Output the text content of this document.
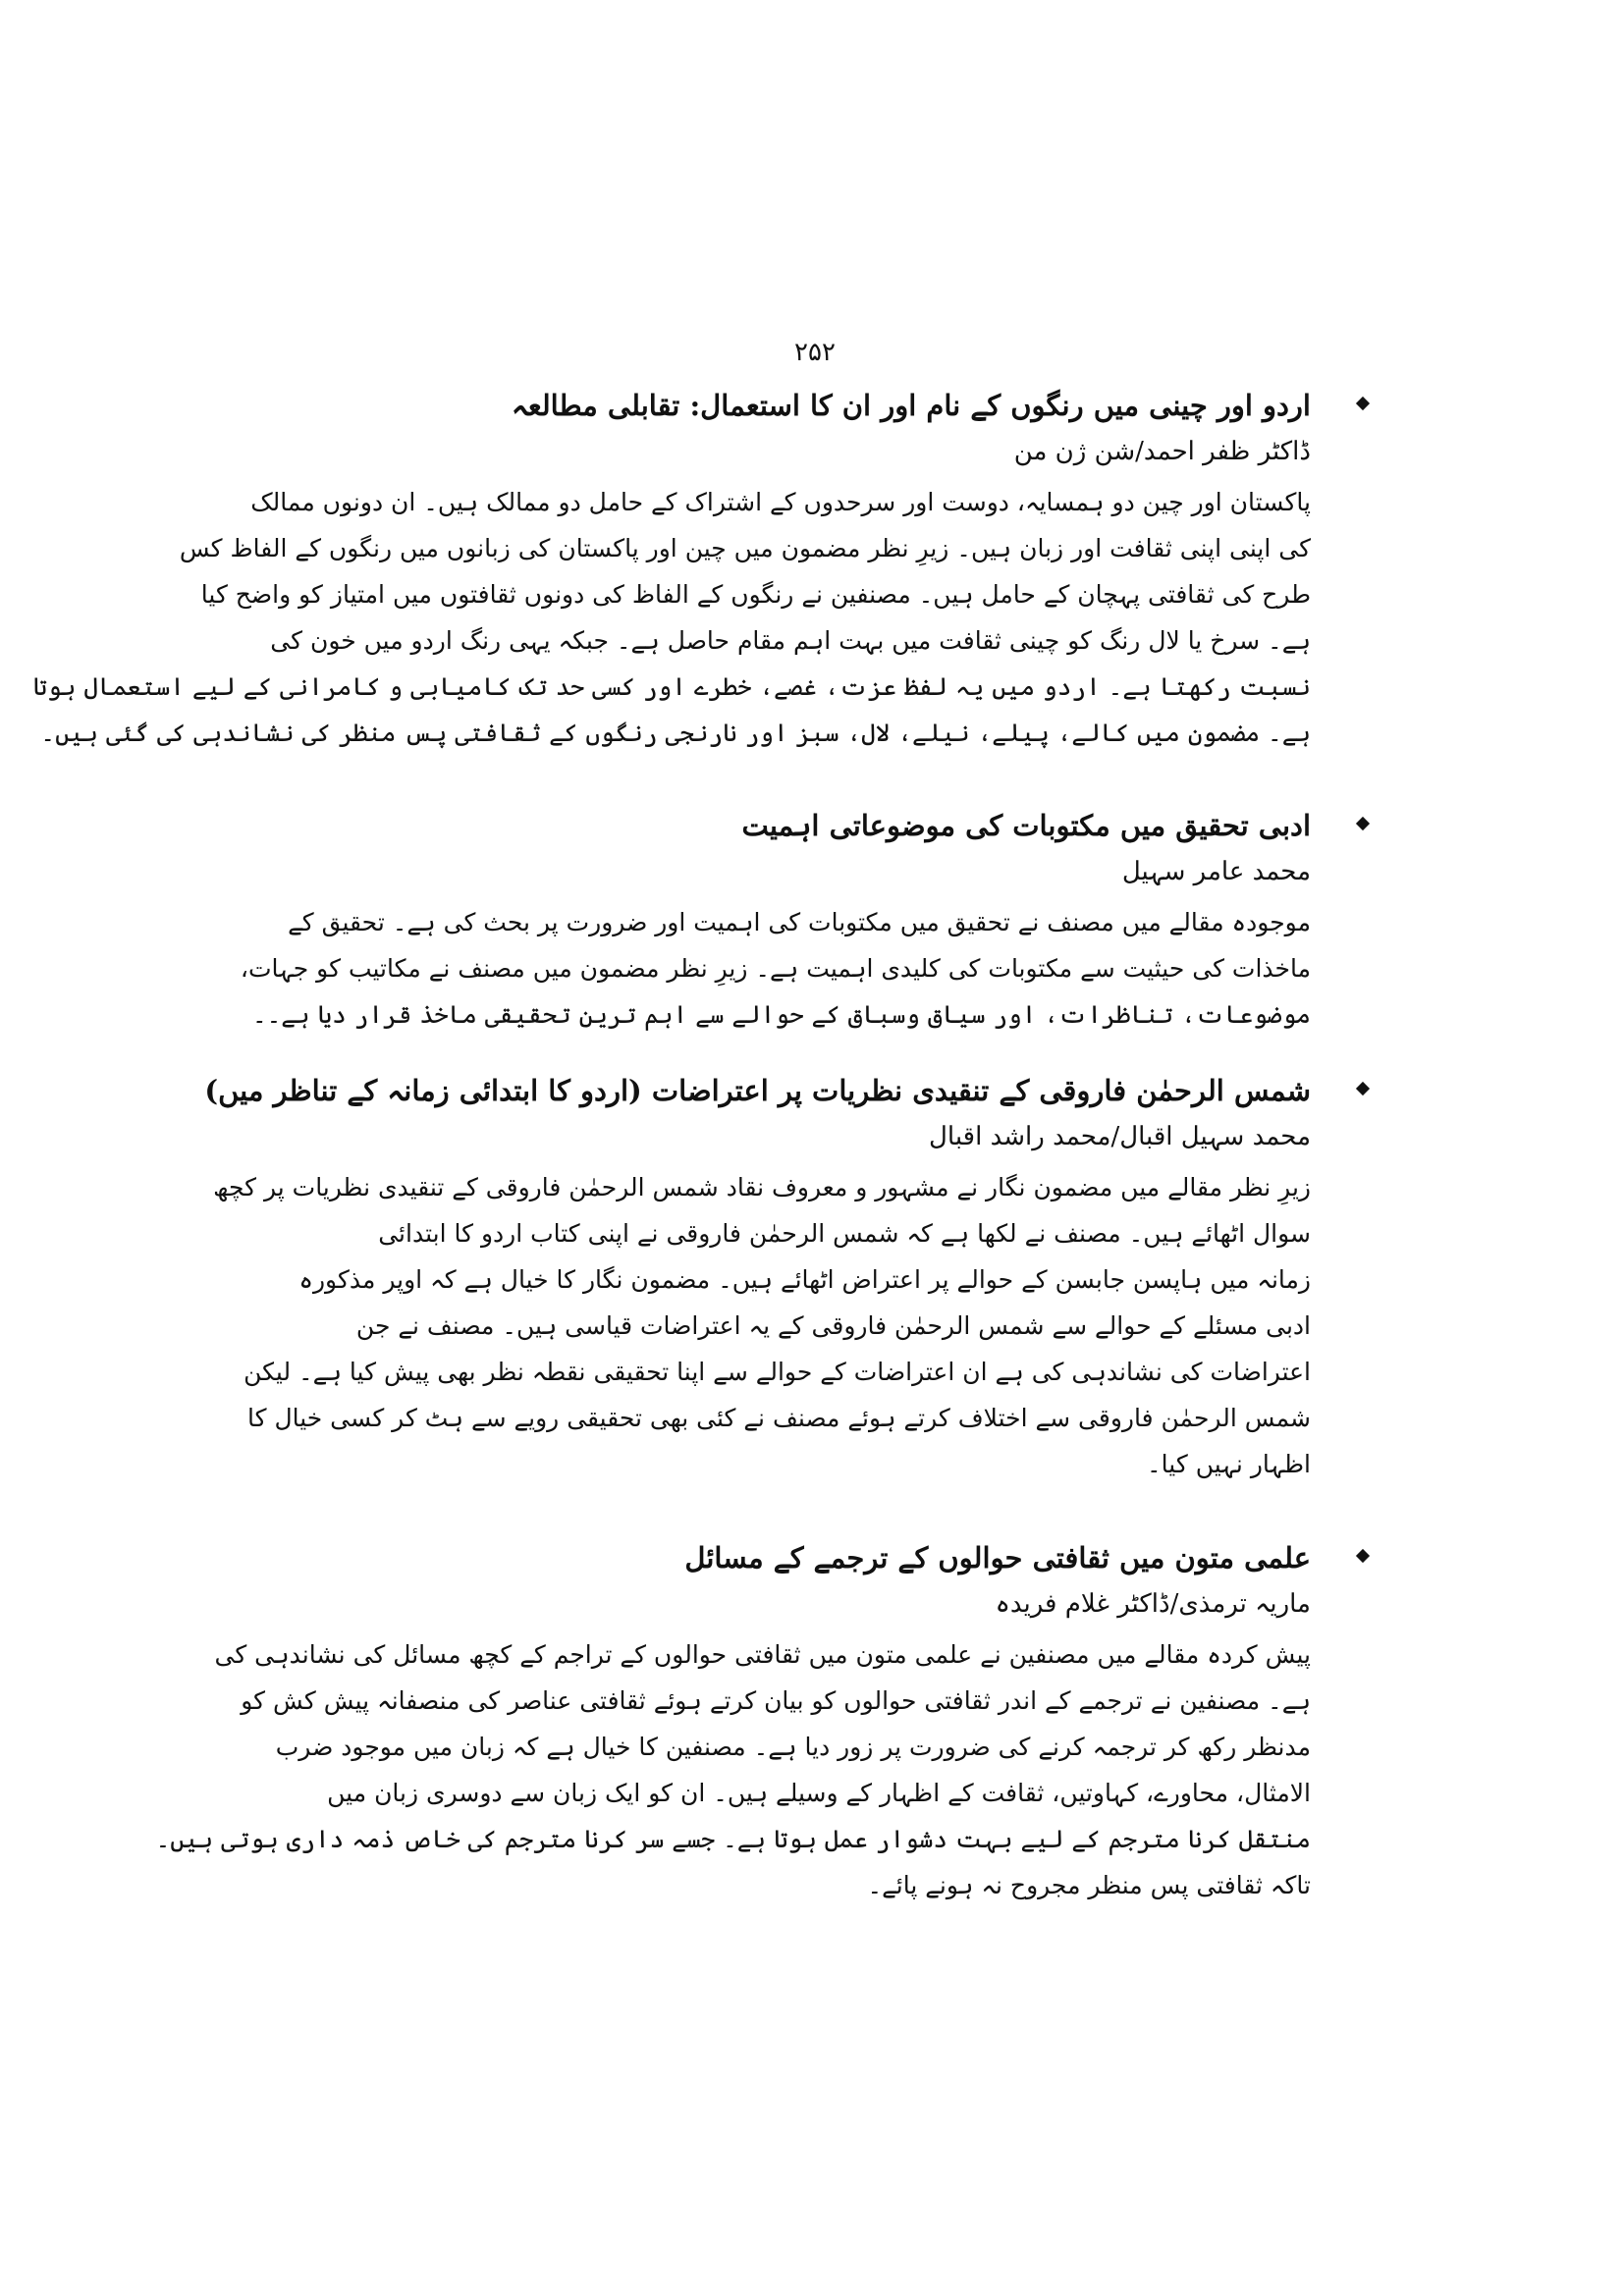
۲۵۲
اردو اور چینی میں رنگوں کے نام اور ان کا استعمال: تقابلی مطالعہ
ڈاکٹر ظفر احمد/شن ژن من
پاکستان اور چین دو ہمسایہ، دوست اور سرحدوں کے اشتراک کے حامل دو ممالک ہیں۔ ان دونوں ممالک
کی اپنی اپنی ثقافت اور زبان ہیں۔ زیرِ نظر مضمون میں چین اور پاکستان کی زبانوں میں رنگوں کے الفاظ کس
طرح کی ثقافتی پہچان کے حامل ہیں۔ مصنفین نے رنگوں کے الفاظ کی دونوں ثقافتوں میں امتیاز کو واضح کیا
ہے۔ سرخ یا لال رنگ کو چینی ثقافت میں بہت اہم مقام حاصل ہے۔ جبکہ یہی رنگ اردو میں خون کی
نسبت رکھتا ہے۔ اردو میں یہ لفظ عزت، غصے، خطرے اور کسی حد تک کامیابی و کامرانی کے لیے استعمال ہوتا
ہے۔ مضمون میں کالے، پیلے، نیلے، لال، سبز اور نارنجی رنگوں کے ثقافتی پس منظر کی نشاندہی کی گئی ہیں۔
ادبی تحقیق میں مکتوبات کی موضوعاتی اہمیت
محمد عامر سہیل
موجودہ مقالے میں مصنف نے تحقیق میں مکتوبات کی اہمیت اور ضرورت پر بحث کی ہے۔ تحقیق کے
ماخذات کی حیثیت سے مکتوبات کی کلیدی اہمیت ہے۔ زیرِ نظر مضمون میں مصنف نے مکاتیب کو جہات،
موضوعات، تناظرات، اور سیاق وسباق کے حوالے سے اہم ترین تحقیقی ماخذ قرار دیا ہے۔۔
شمس الرحمٰن فاروقی کے تنقیدی نظریات پر اعتراضات (اردو کا ابتدائی زمانہ کے تناظر میں)
محمد سہیل اقبال/محمد راشد اقبال
زیرِ نظر مقالے میں مضمون نگار نے مشہور و معروف نقاد شمس الرحمٰن فاروقی کے تنقیدی نظریات پر کچھ
سوال اٹھائے ہیں۔ مصنف نے لکھا ہے کہ شمس الرحمٰن فاروقی نے اپنی کتاب اردو کا ابتدائی
زمانہ میں ہاپسن جابسن کے حوالے پر اعتراض اٹھائے ہیں۔ مضمون نگار کا خیال ہے کہ اوپر مذکورہ
ادبی مسئلے کے حوالے سے شمس الرحمٰن فاروقی کے یہ اعتراضات قیاسی ہیں۔ مصنف نے جن
اعتراضات کی نشاندہی کی ہے ان اعتراضات کے حوالے سے اپنا تحقیقی نقطہ نظر بھی پیش کیا ہے۔ لیکن
شمس الرحمٰن فاروقی سے اختلاف کرتے ہوئے مصنف نے کئی بھی تحقیقی رویے سے ہٹ کر کسی خیال کا
اظہار نہیں کیا۔
علمی متون میں ثقافتی حوالوں کے ترجمے کے مسائل
ماریہ ترمذی/ڈاکٹر غلام فریدہ
پیش کردہ مقالے میں مصنفین نے علمی متون میں ثقافتی حوالوں کے تراجم کے کچھ مسائل کی نشاندہی کی
ہے۔ مصنفین نے ترجمے کے اندر ثقافتی حوالوں کو بیان کرتے ہوئے ثقافتی عناصر کی منصفانہ پیش کش کو
مدنظر رکھ کر ترجمہ کرنے کی ضرورت پر زور دیا ہے۔ مصنفین کا خیال ہے کہ زبان میں موجود ضرب
الامثال، محاورے، کہاوتیں، ثقافت کے اظہار کے وسیلے ہیں۔ ان کو ایک زبان سے دوسری زبان میں
منتقل کرنا مترجم کے لیے بہت دشوار عمل ہوتا ہے۔ جسے سر کرنا مترجم کی خاص ذمہ داری ہوتی ہیں۔
تاکہ ثقافتی پس منظر مجروح نہ ہونے پائے۔
